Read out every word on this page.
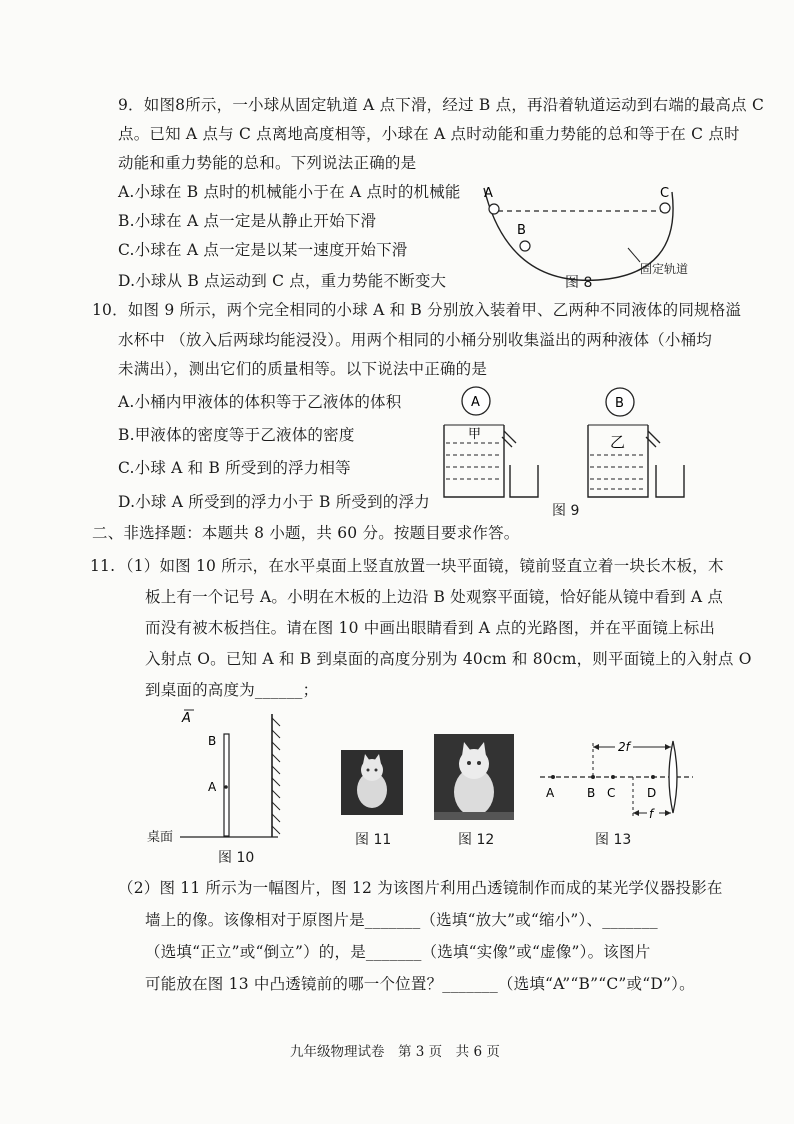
9．如图8所示，一小球从固定轨道 A 点下滑，经过 B 点，再沿着轨道运动到右端的最高点 C
点。已知 A 点与 C 点离地高度相等，小球在 A 点时动能和重力势能的总和等于在 C 点时
动能和重力势能的总和。下列说法正确的是
A.小球在 B 点时的机械能小于在 A 点时的机械能
B.小球在 A 点一定是从静止开始下滑
C.小球在 A 点一定是以某一速度开始下滑
D.小球从 B 点运动到 C 点，重力势能不断变大
A	C
B
固定轨道
图 8
10．如图 9 所示，两个完全相同的小球 A 和 B 分别放入装着甲、乙两种不同液体的同规格溢
水杯中 （放入后两球均能浸没）。用两个相同的小桶分别收集溢出的两种液体（小桶均
未满出），测出它们的质量相等。以下说法中正确的是
A.小桶内甲液体的体积等于乙液体的体积
B.甲液体的密度等于乙液体的密度
C.小球 A 和 B 所受到的浮力相等
D.小球 A 所受到的浮力小于 B 所受到的浮力
A
甲
B
乙
图 9
二、非选择题：本题共 8 小题，共 60 分。按题目要求作答。
11. （1）如图 10 所示，在水平桌面上竖直放置一块平面镜，镜前竖直立着一块长木板，木
板上有一个记号 A。小明在木板的上边沿 B 处观察平面镜，恰好能从镜中看到 A 点
而没有被木板挡住。请在图 10 中画出眼睛看到 A 点的光路图，并在平面镜上标出
入射点 O。已知 A 和 B 到桌面的高度分别为 40cm 和 80cm，则平面镜上的入射点 O
到桌面的高度为______；
A
B
A
桌面
图 10
图 11	图 12
2f
f
A	B C	D
图 13
（2）图 11 所示为一幅图片，图 12 为该图片利用凸透镜制作而成的某光学仪器投影在
墙上的像。该像相对于原图片是_______（选填“放大”或“缩小”）、_______
（选填“正立”或“倒立”）的，是_______（选填“实像”或“虚像”）。该图片
可能放在图 13 中凸透镜前的哪一个位置？_______（选填“A”“B”“C”或“D”）。
九年级物理试卷　第 3 页　共 6 页
